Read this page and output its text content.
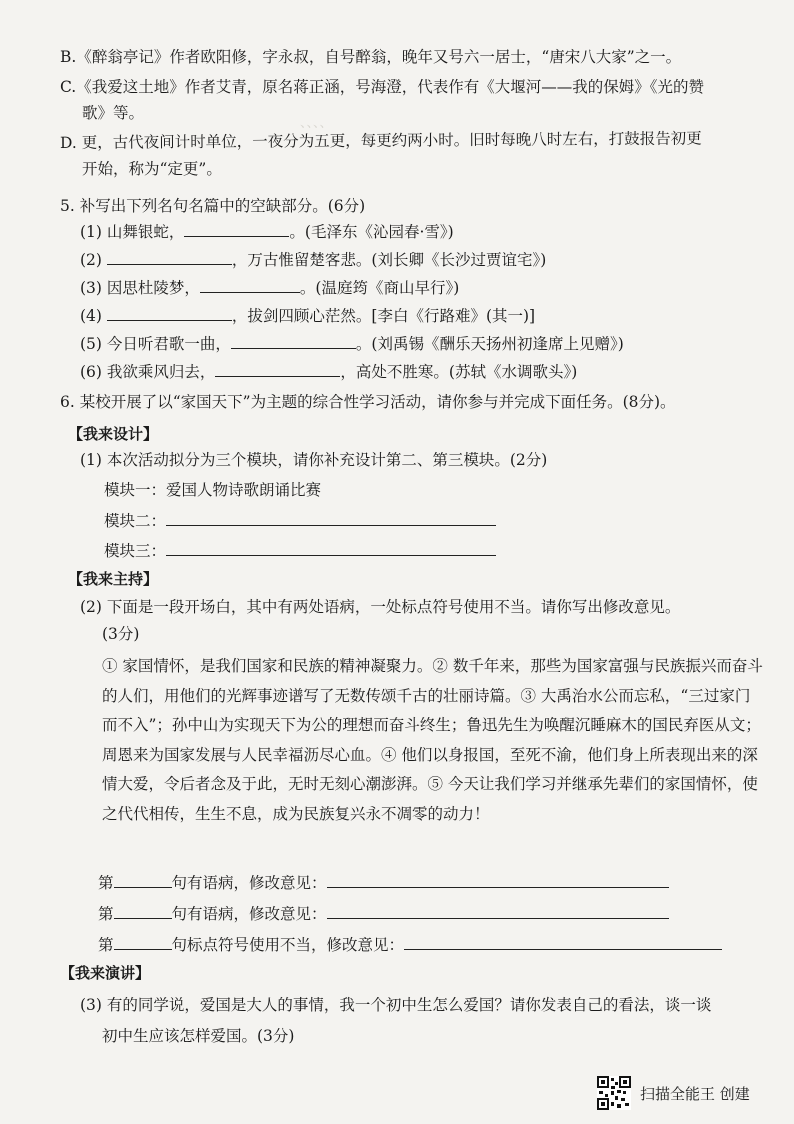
、、、、
B.《醉翁亭记》作者欧阳修，字永叔，自号醉翁，晚年又号六一居士，“唐宋八大家”之一。
C.《我爱这土地》作者艾青，原名蒋正涵，号海澄，代表作有《大堰河——我的保姆》《光的赞
歌》等。
D. 更，古代夜间计时单位，一夜分为五更，每更约两小时。旧时每晚八时左右，打鼓报告初更
开始，称为“定更”。
5. 补写出下列名句名篇中的空缺部分。(6分)
(1) 山舞银蛇，	。(毛泽东《沁园春·雪》)
(2)	，万古惟留楚客悲。(刘长卿《长沙过贾谊宅》)
(3) 因思杜陵梦，	。(温庭筠《商山早行》)
(4)	，拔剑四顾心茫然。[李白《行路难》(其一)]
(5) 今日听君歌一曲，	。(刘禹锡《酬乐天扬州初逢席上见赠》)
(6) 我欲乘风归去，	，高处不胜寒。(苏轼《水调歌头》)
6. 某校开展了以“家国天下”为主题的综合性学习活动，请你参与并完成下面任务。(8分)。
【我来设计】
(1) 本次活动拟分为三个模块，请你补充设计第二、第三模块。(2分)
模块一：爱国人物诗歌朗诵比赛
模块二：
模块三：
【我来主持】
(2) 下面是一段开场白，其中有两处语病，一处标点符号使用不当。请你写出修改意见。
(3分)
① 家国情怀，是我们国家和民族的精神凝聚力。② 数千年来，那些为国家富强与民族振兴而奋斗的人们，用他们的光辉事迹谱写了无数传颂千古的壮丽诗篇。③ 大禹治水公而忘私，“三过家门而不入”；孙中山为实现天下为公的理想而奋斗终生；鲁迅先生为唤醒沉睡麻木的国民弃医从文；周恩来为国家发展与人民幸福沥尽心血。④ 他们以身报国，至死不渝，他们身上所表现出来的深情大爱，令后者念及于此，无时无刻心潮澎湃。⑤ 今天让我们学习并继承先辈们的家国情怀，使之代代相传，生生不息，成为民族复兴永不凋零的动力！
第	句有语病，修改意见：
第	句有语病，修改意见：
第	句标点符号使用不当，修改意见：
【我来演讲】
(3) 有的同学说，爱国是大人的事情，我一个初中生怎么爱国？请你发表自己的看法，谈一谈
初中生应该怎样爱国。(3分)
扫描全能王 创建
